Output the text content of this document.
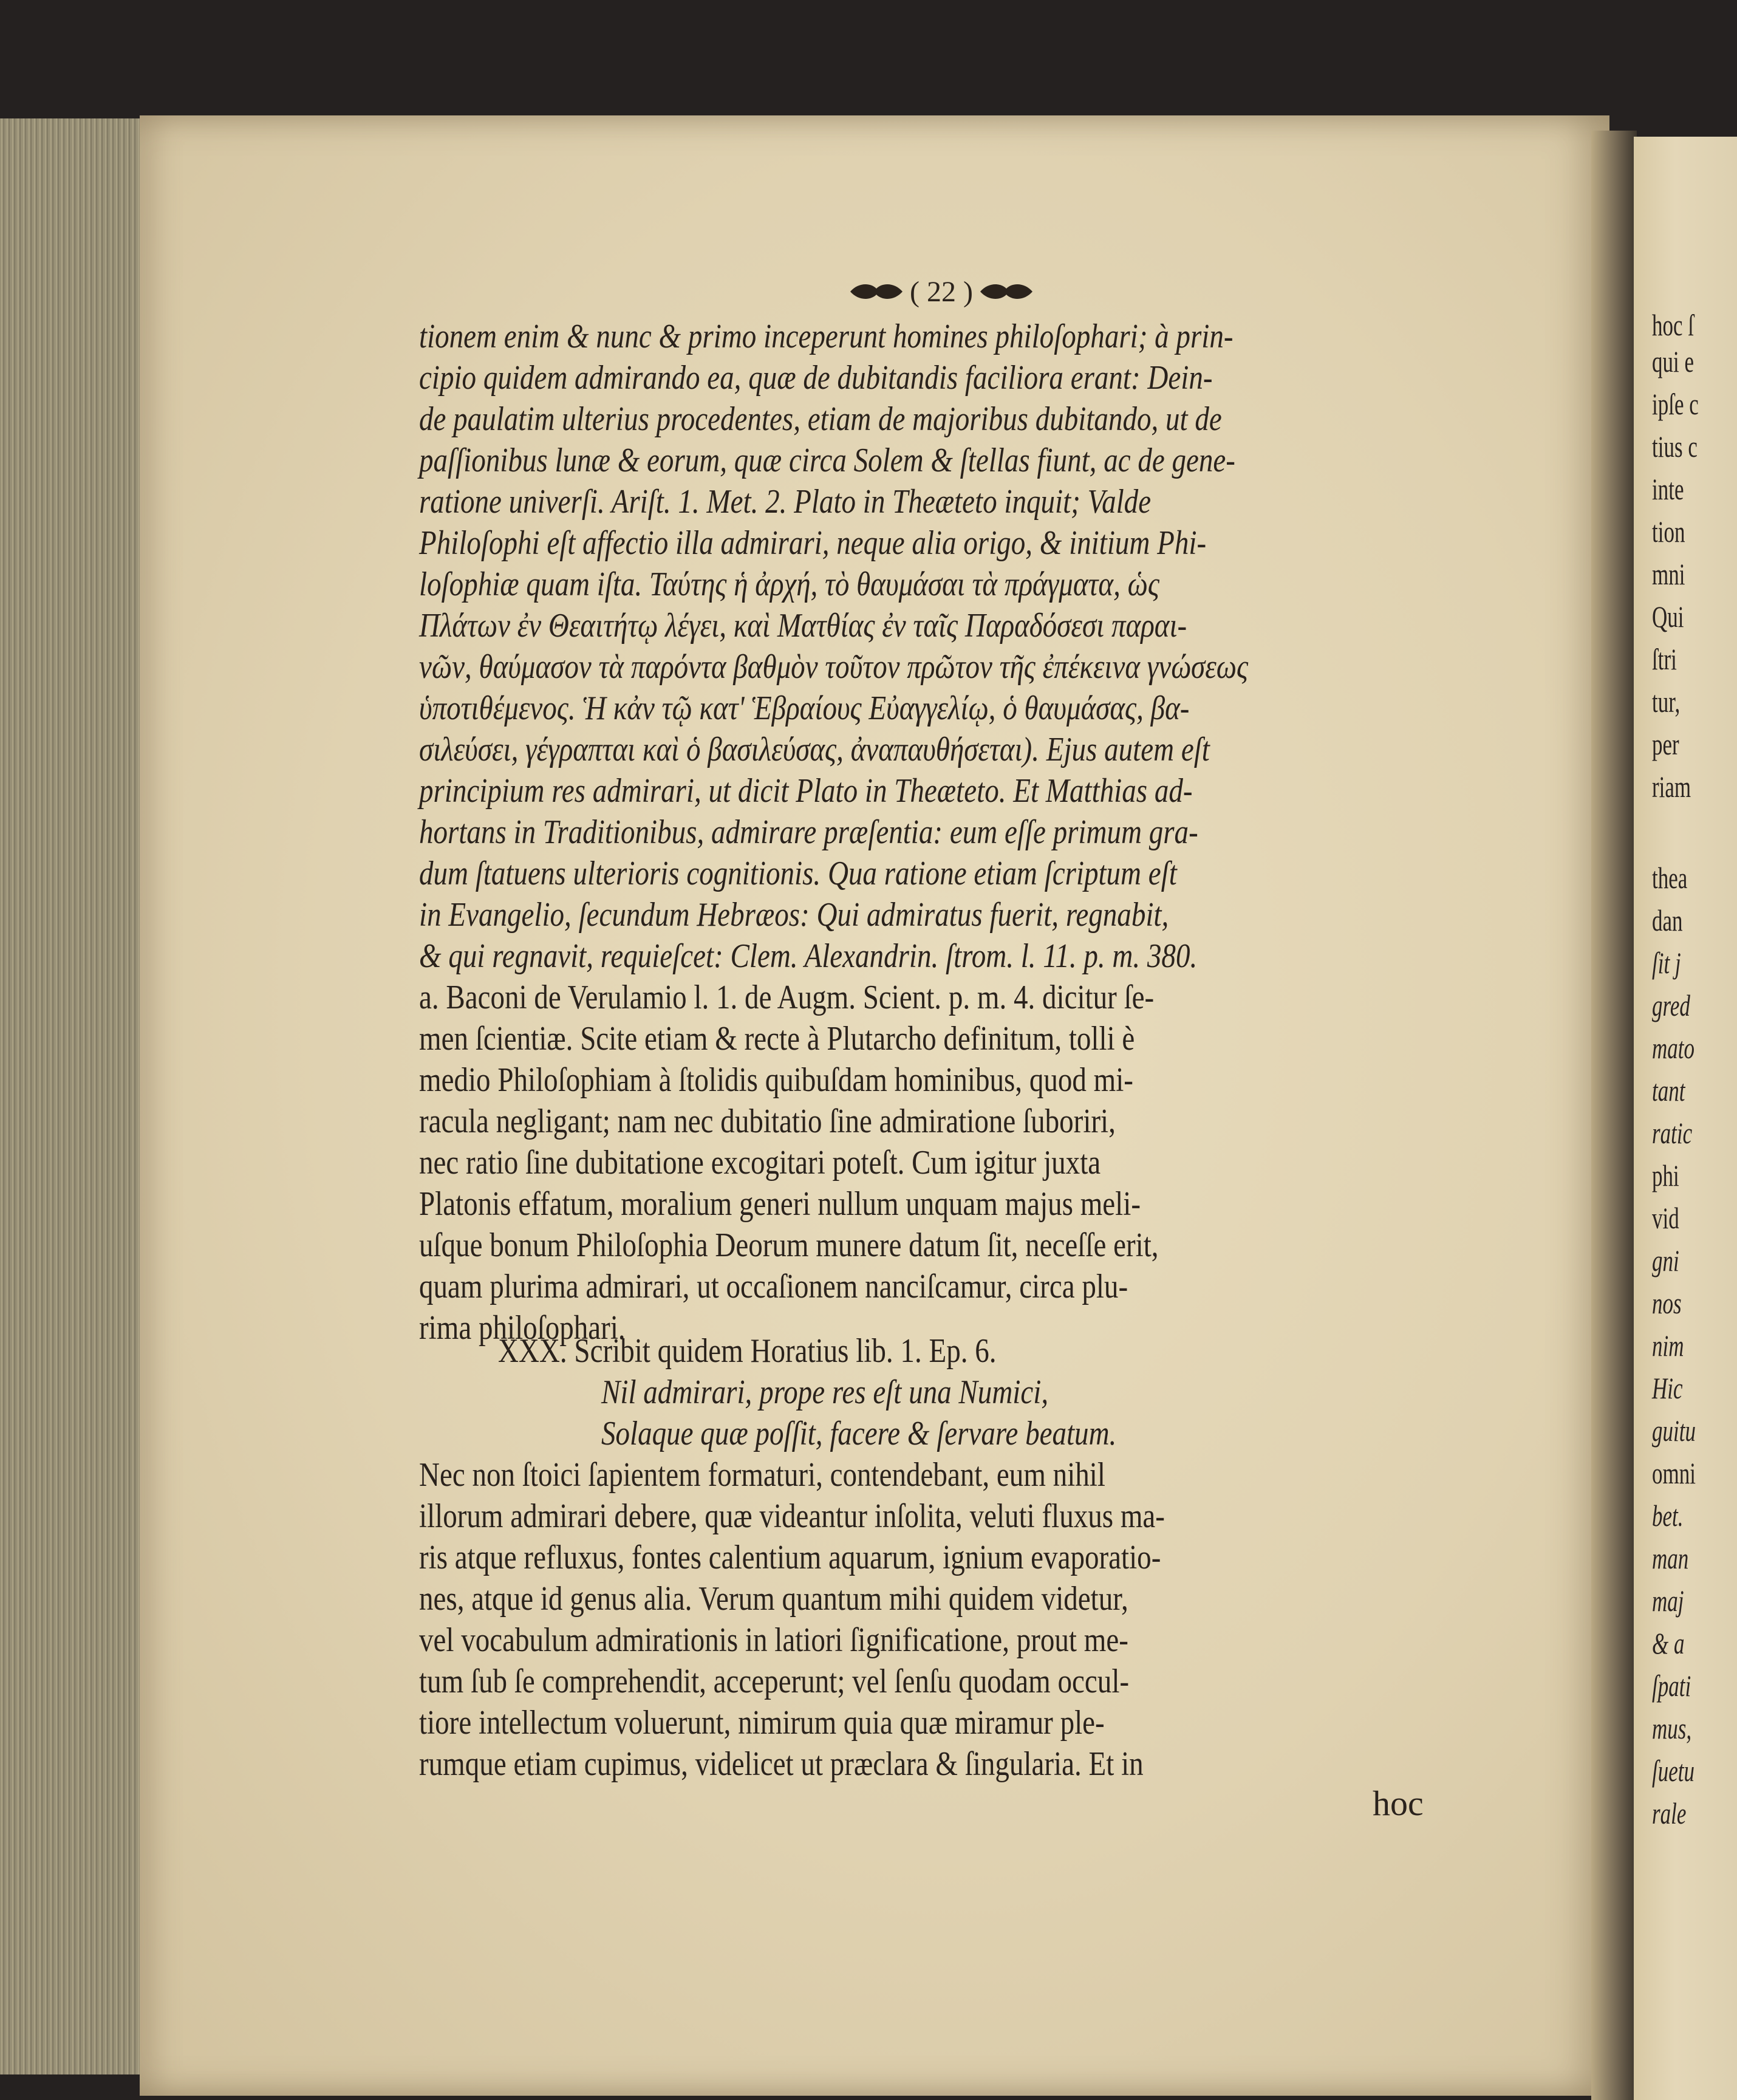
hoc ſ
qui e
ipſe c
tius c
inte
tion
mni
Qui
ſtri
tur,
per
riam
thea
dan
ſit j
gred
mato
tant
ratic
phi
vid
gni
nos
nim
Hic
guitu
omni
bet.
man
maj
& a
ſpati
mus,
ſuetu
rale
( 22 )
tionem enim & nunc & primo inceperunt homines philoſophari; à prin-
cipio quidem admirando ea, quæ de dubitandis faciliora erant: Dein-
de paulatim ulterius procedentes, etiam de majoribus dubitando, ut de
paſſionibus lunæ & eorum, quæ circa Solem & ſtellas fiunt, ac de gene-
ratione univerſi. Ariſt. 1. Met. 2. Plato in Theæteto inquit; Valde
Philoſophi eſt affectio illa admirari, neque alia origo, & initium Phi-
loſophiæ quam iſta. Ταύτης ἡ ἀρχή, τὸ θαυμάσαι τὰ πράγματα, ὡς
Πλάτων ἐν Θεαιτήτῳ λέγει, καὶ Ματθίας ἐν ταῖς Παραδόσεσι παραι-
νῶν, θαύμασον τὰ παρόντα βαθμὸν τοῦτον πρῶτον τῆς ἐπέκεινα γνώσεως
ὑποτιθέμενος. Ἡ κἀν τῷ κατ' Ἑβραίους Εὐαγγελίῳ, ὁ θαυμάσας, βα-
σιλεύσει, γέγραπται καὶ ὁ βασιλεύσας, ἀναπαυθήσεται). Ejus autem eſt
principium res admirari, ut dicit Plato in Theæteto. Et Matthias ad-
hortans in Traditionibus, admirare præſentia: eum eſſe primum gra-
dum ſtatuens ulterioris cognitionis. Qua ratione etiam ſcriptum eſt
in Evangelio, ſecundum Hebræos: Qui admiratus fuerit, regnabit,
& qui regnavit, requieſcet: Clem. Alexandrin. ſtrom. l. 11. p. m. 380.
a. Baconi de Verulamio l. 1. de Augm. Scient. p. m. 4. dicitur ſe-
men ſcientiæ. Scite etiam & recte à Plutarcho definitum, tolli è
medio Philoſophiam à ſtolidis quibuſdam hominibus, quod mi-
racula negligant; nam nec dubitatio ſine admiratione ſuboriri,
nec ratio ſine dubitatione excogitari poteſt. Cum igitur juxta
Platonis effatum, moralium generi nullum unquam majus meli-
uſque bonum Philoſophia Deorum munere datum ſit, neceſſe erit,
quam plurima admirari, ut occaſionem nanciſcamur, circa plu-
rima philoſophari.
XXX. Scribit quidem Horatius lib. 1. Ep. 6.
Nil admirari, prope res eſt una Numici,
Solaque quæ poſſit, facere & ſervare beatum.
Nec non ſtoici ſapientem formaturi, contendebant, eum nihil
illorum admirari debere, quæ videantur inſolita, veluti fluxus ma-
ris atque refluxus, fontes calentium aquarum, ignium evaporatio-
nes, atque id genus alia. Verum quantum mihi quidem videtur,
vel vocabulum admirationis in latiori ſignificatione, prout me-
tum ſub ſe comprehendit, acceperunt; vel ſenſu quodam occul-
tiore intellectum voluerunt, nimirum quia quæ miramur ple-
rumque etiam cupimus, videlicet ut præclara & ſingularia. Et in
hoc
